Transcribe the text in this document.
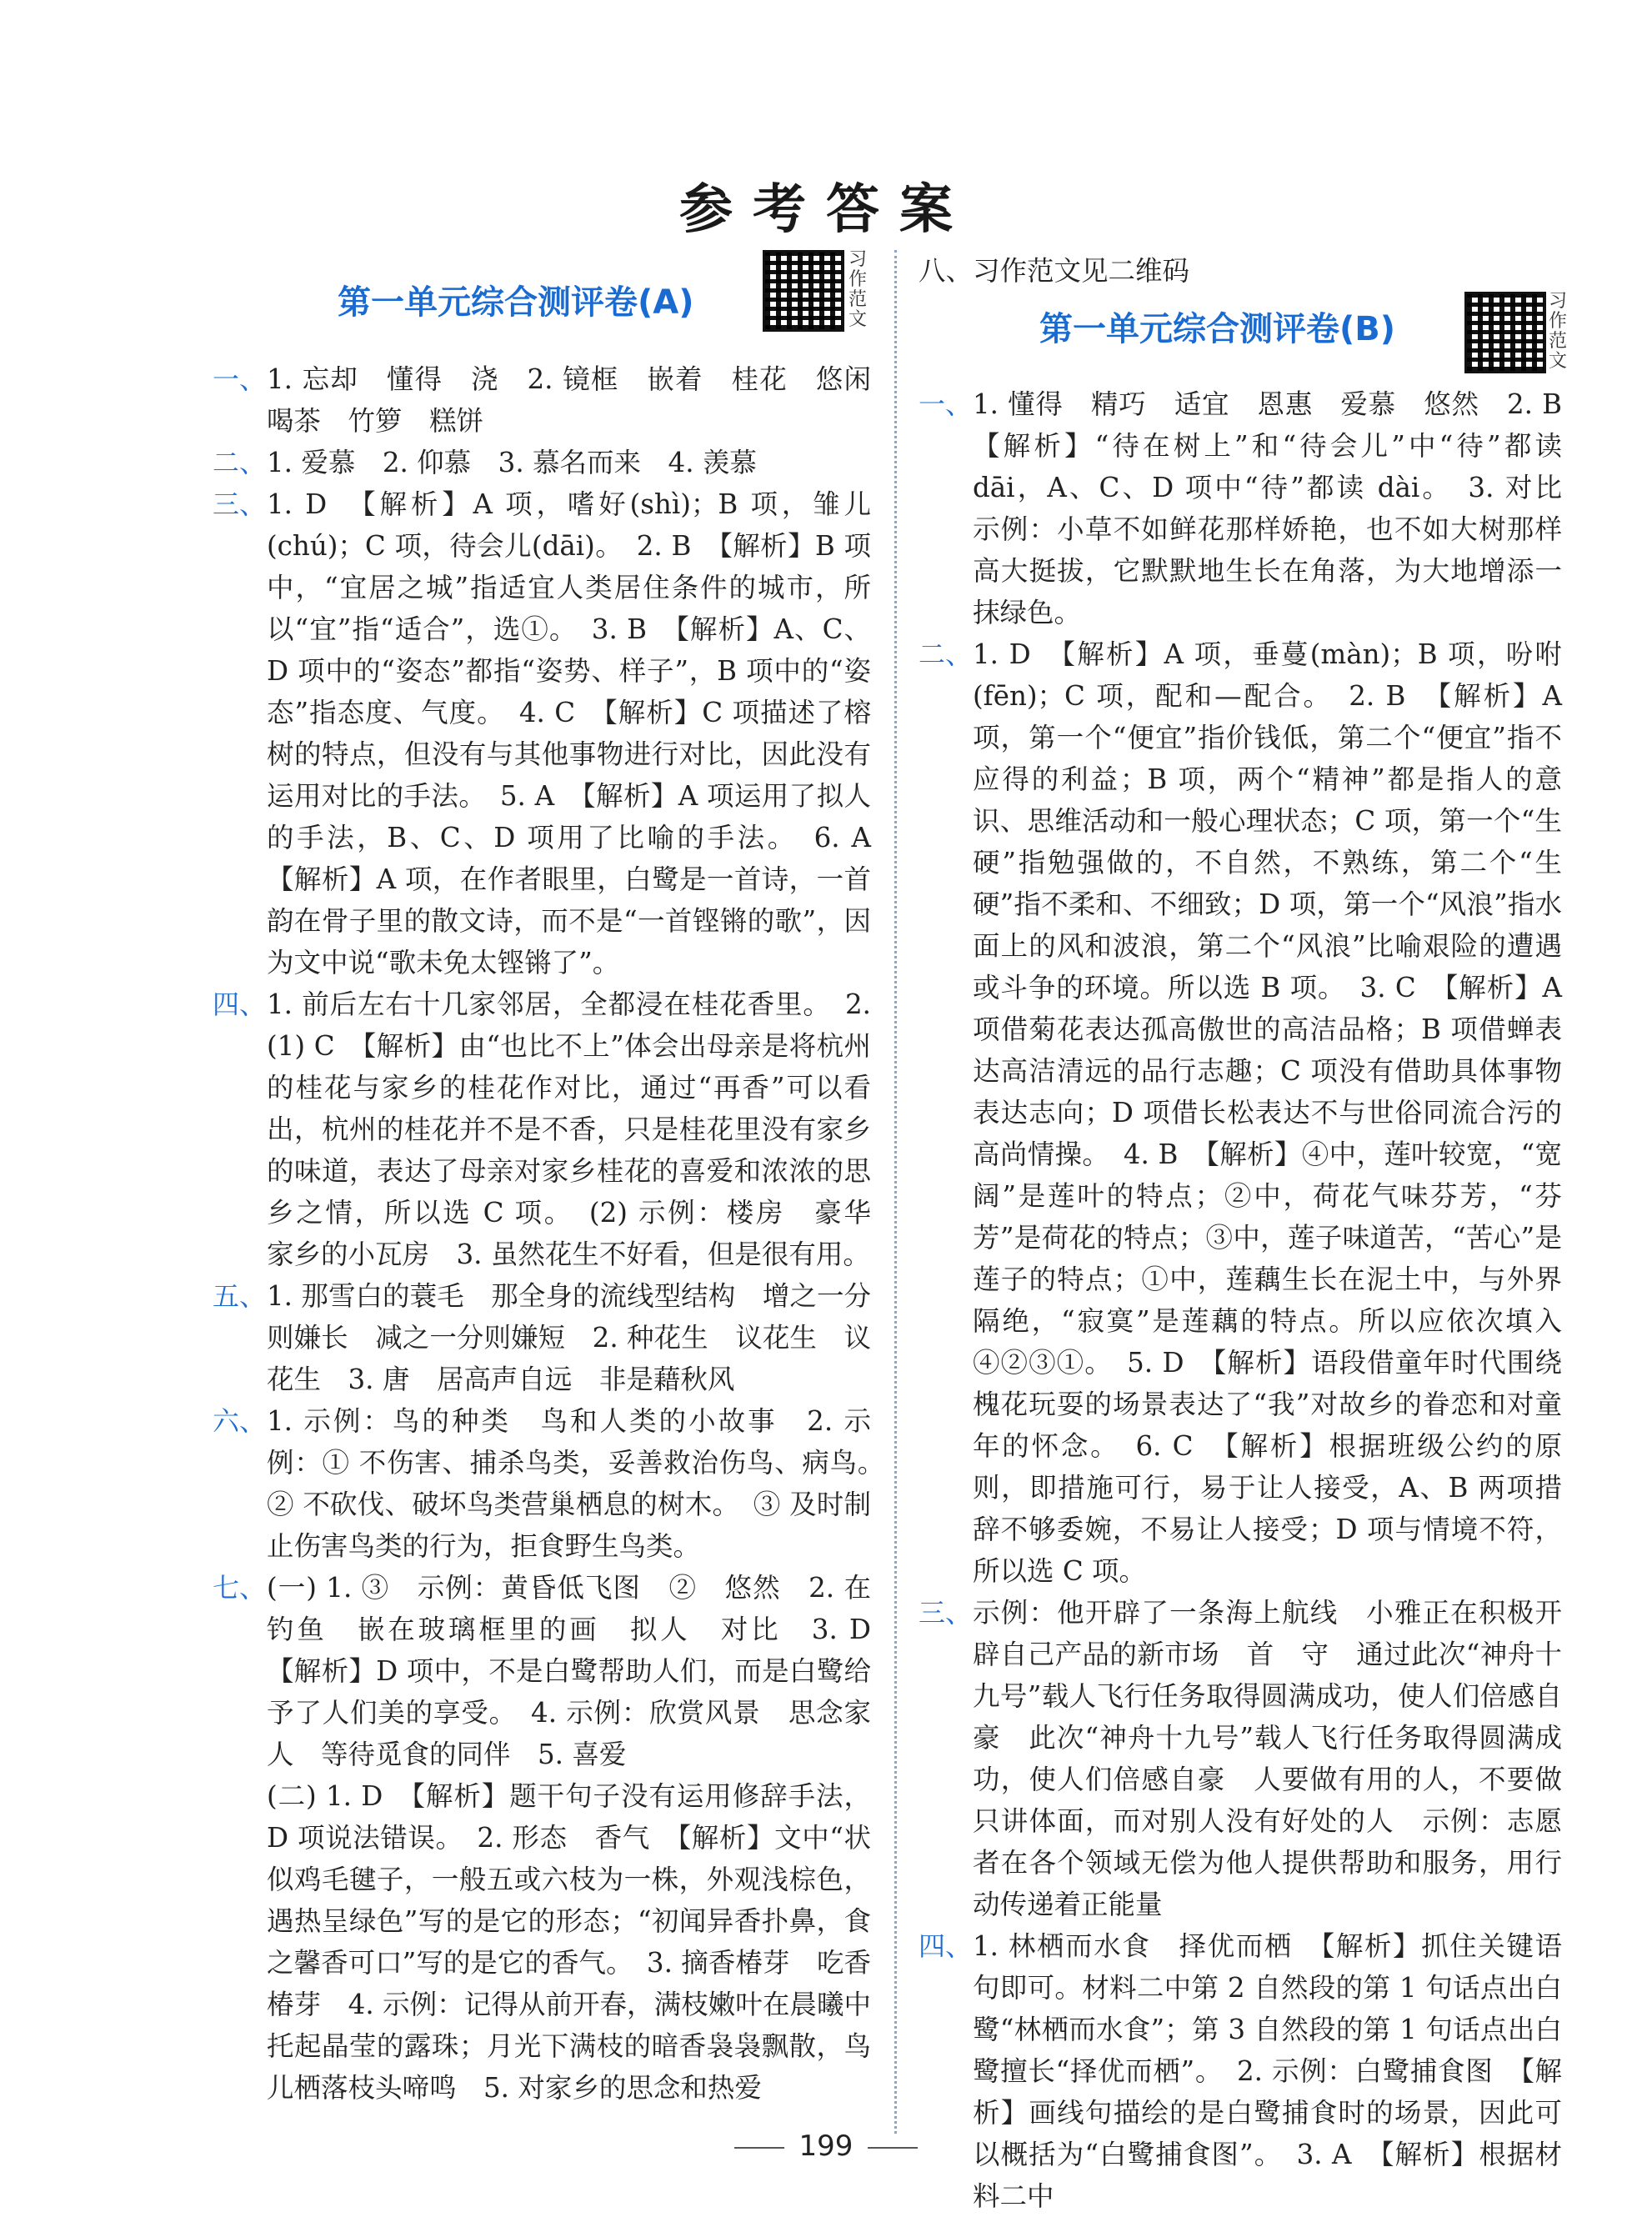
参考答案
第一单元综合测评卷(A)
习作范文
一、 1. 忘却　懂得　浇　2. 镜框　嵌着　桂花　悠闲　喝茶　竹箩　糕饼
二、 1. 爱慕　2. 仰慕　3. 慕名而来　4. 羡慕
三、 1. D　【解析】A 项，嗜好(shì)；B 项，雏儿(chú)；C 项，待会儿(dāi)。　2. B　【解析】B 项中，“宜居之城”指适宜人类居住条件的城市，所以“宜”指“适合”，选①。　3. B　【解析】A、C、D 项中的“姿态”都指“姿势、样子”，B 项中的“姿态”指态度、气度。　4. C　【解析】C 项描述了榕树的特点，但没有与其他事物进行对比，因此没有运用对比的手法。　5. A　【解析】A 项运用了拟人的手法，B、C、D 项用了比喻的手法。　6. A　【解析】A 项，在作者眼里，白鹭是一首诗，一首韵在骨子里的散文诗，而不是“一首铿锵的歌”，因为文中说“歌未免太铿锵了”。
四、 1. 前后左右十几家邻居，全都浸在桂花香里。　2. (1) C　【解析】由“也比不上”体会出母亲是将杭州的桂花与家乡的桂花作对比，通过“再香”可以看出，杭州的桂花并不是不香，只是桂花里没有家乡的味道，表达了母亲对家乡桂花的喜爱和浓浓的思乡之情，所以选 C 项。　(2) 示例：楼房　豪华　家乡的小瓦房　3. 虽然花生不好看，但是很有用。
五、 1. 那雪白的蓑毛　那全身的流线型结构　增之一分则嫌长　减之一分则嫌短　2. 种花生　议花生　议花生　3. 唐　居高声自远　非是藉秋风
六、 1. 示例：鸟的种类　鸟和人类的小故事　2. 示例：① 不伤害、捕杀鸟类，妥善救治伤鸟、病鸟。　② 不砍伐、破坏鸟类营巢栖息的树木。　③ 及时制止伤害鸟类的行为，拒食野生鸟类。
七、 (一) 1. ③　示例：黄昏低飞图　②　悠然　2. 在钓鱼　嵌在玻璃框里的画　拟人　对比　3. D　【解析】D 项中，不是白鹭帮助人们，而是白鹭给予了人们美的享受。　4. 示例：欣赏风景　思念家人　等待觅食的同伴　5. 喜爱
(二) 1. D　【解析】题干句子没有运用修辞手法，D 项说法错误。　2. 形态　香气　【解析】文中“状似鸡毛毽子，一般五或六枝为一株，外观浅棕色，遇热呈绿色”写的是它的形态；“初闻异香扑鼻，食之馨香可口”写的是它的香气。　3. 摘香椿芽　吃香椿芽　4. 示例：记得从前开春，满枝嫩叶在晨曦中托起晶莹的露珠；月光下满枝的暗香袅袅飘散，鸟儿栖落枝头啼鸣　5. 对家乡的思念和热爱
八、习作范文见二维码
第一单元综合测评卷(B)
习作范文
一、 1. 懂得　精巧　适宜　恩惠　爱慕　悠然　2. B　【解析】“待在树上”和“待会儿”中“待”都读 dāi，A、C、D 项中“待”都读 dài。　3. 对比　示例：小草不如鲜花那样娇艳，也不如大树那样高大挺拔，它默默地生长在角落，为大地增添一抹绿色。
二、 1. D　【解析】A 项，垂蔓(màn)；B 项，吩咐(fēn)；C 项，配和—配合。　2. B　【解析】A 项，第一个“便宜”指价钱低，第二个“便宜”指不应得的利益；B 项，两个“精神”都是指人的意识、思维活动和一般心理状态；C 项，第一个“生硬”指勉强做的，不自然，不熟练，第二个“生硬”指不柔和、不细致；D 项，第一个“风浪”指水面上的风和波浪，第二个“风浪”比喻艰险的遭遇或斗争的环境。所以选 B 项。　3. C　【解析】A 项借菊花表达孤高傲世的高洁品格；B 项借蝉表达高洁清远的品行志趣；C 项没有借助具体事物表达志向；D 项借长松表达不与世俗同流合污的高尚情操。　4. B　【解析】④中，莲叶较宽，“宽阔”是莲叶的特点；②中，荷花气味芬芳，“芬芳”是荷花的特点；③中，莲子味道苦，“苦心”是莲子的特点；①中，莲藕生长在泥土中，与外界隔绝，“寂寞”是莲藕的特点。所以应依次填入④②③①。　5. D　【解析】语段借童年时代围绕槐花玩耍的场景表达了“我”对故乡的眷恋和对童年的怀念。　6. C　【解析】根据班级公约的原则，即措施可行，易于让人接受，A、B 两项措辞不够委婉，不易让人接受；D 项与情境不符，所以选 C 项。
三、 示例：他开辟了一条海上航线　小雅正在积极开辟自己产品的新市场　首　守　通过此次“神舟十九号”载人飞行任务取得圆满成功，使人们倍感自豪　此次“神舟十九号”载人飞行任务取得圆满成功，使人们倍感自豪　人要做有用的人，不要做只讲体面，而对别人没有好处的人　示例：志愿者在各个领域无偿为他人提供帮助和服务，用行动传递着正能量
四、 1. 林栖而水食　择优而栖　【解析】抓住关键语句即可。材料二中第 2 自然段的第 1 句话点出白鹭“林栖而水食”；第 3 自然段的第 1 句话点出白鹭擅长“择优而栖”。　2. 示例：白鹭捕食图　【解析】画线句描绘的是白鹭捕食时的场景，因此可以概括为“白鹭捕食图”。　3. A　【解析】根据材料二中
199
